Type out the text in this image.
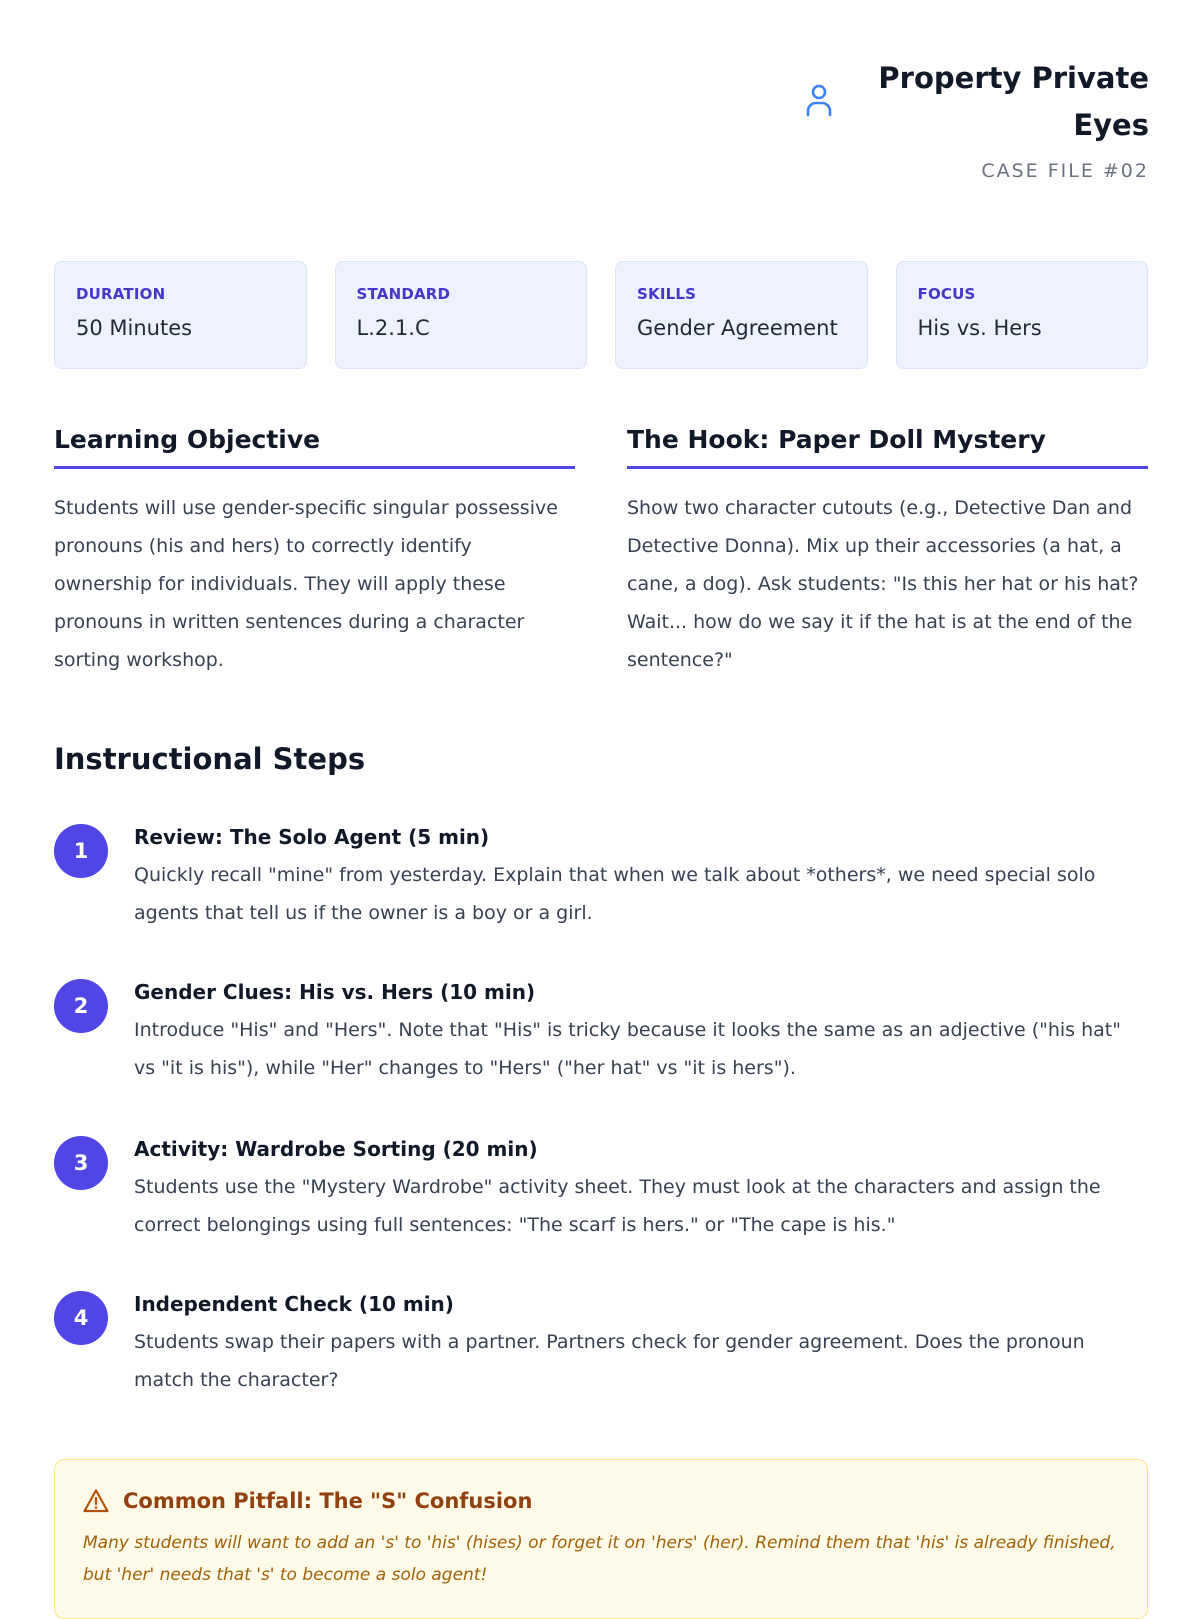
Property Private Eyes
CASE FILE #02
DURATION
50 Minutes
STANDARD
L.2.1.C
SKILLS
Gender Agreement
FOCUS
His vs. Hers
Learning Objective
Students will use gender-specific singular possessive pronouns (his and hers) to correctly identify ownership for individuals. They will apply these pronouns in written sentences during a character sorting workshop.
The Hook: Paper Doll Mystery
Show two character cutouts (e.g., Detective Dan and Detective Donna). Mix up their accessories (a hat, a cane, a dog). Ask students: "Is this her hat or his hat? Wait... how do we say it if the hat is at the end of the sentence?"
Instructional Steps
1
Review: The Solo Agent (5 min)
Quickly recall "mine" from yesterday. Explain that when we talk about *others*, we need special solo agents that tell us if the owner is a boy or a girl.
2
Gender Clues: His vs. Hers (10 min)
Introduce "His" and "Hers". Note that "His" is tricky because it looks the same as an adjective ("his hat" vs "it is his"), while "Her" changes to "Hers" ("her hat" vs "it is hers").
3
Activity: Wardrobe Sorting (20 min)
Students use the "Mystery Wardrobe" activity sheet. They must look at the characters and assign the correct belongings using full sentences: "The scarf is hers." or "The cape is his."
4
Independent Check (10 min)
Students swap their papers with a partner. Partners check for gender agreement. Does the pronoun match the character?
Common Pitfall: The "S" Confusion
Many students will want to add an 's' to 'his' (hises) or forget it on 'hers' (her). Remind them that 'his' is already finished, but 'her' needs that 's' to become a solo agent!
